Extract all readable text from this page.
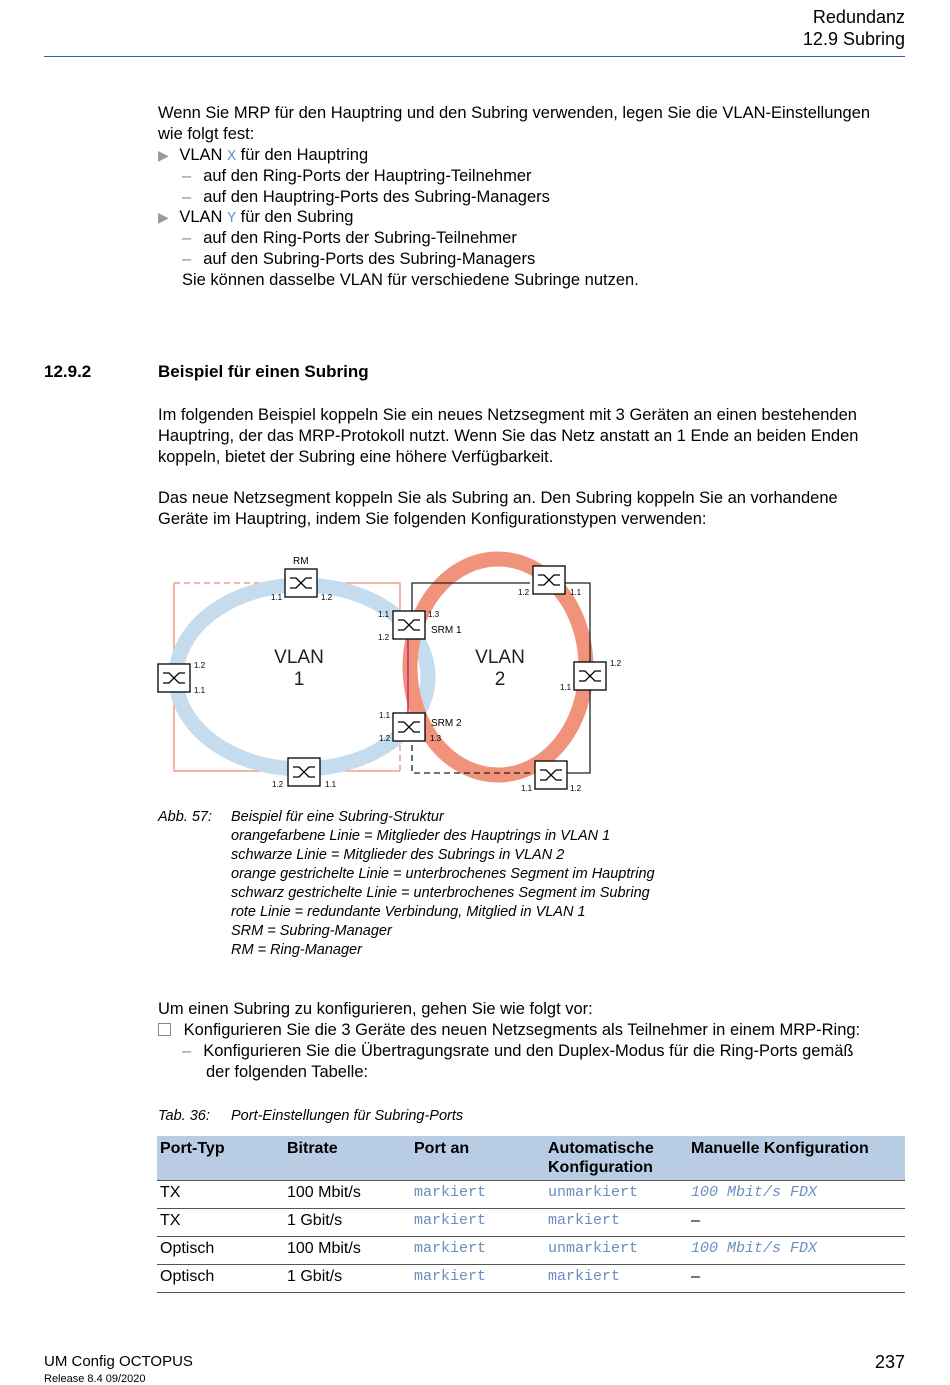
Redundanz
12.9 Subring
Wenn Sie MRP für den Hauptring und den Subring verwenden, legen Sie die VLAN-Einstellungen
wie folgt fest:
▶ VLAN X für den Hauptring
– auf den Ring-Ports der Hauptring-Teilnehmer
– auf den Hauptring-Ports des Subring-Managers
▶ VLAN Y für den Subring
– auf den Ring-Ports der Subring-Teilnehmer
– auf den Subring-Ports des Subring-Managers
Sie können dasselbe VLAN für verschiedene Subringe nutzen.
12.9.2	Beispiel für einen Subring
Im folgenden Beispiel koppeln Sie ein neues Netzsegment mit 3 Geräten an einen bestehenden
Hauptring, der das MRP-Protokoll nutzt. Wenn Sie das Netz anstatt an 1 Ende an beiden Enden
koppeln, bietet der Subring eine höhere Verfügbarkeit.
Das neue Netzsegment koppeln Sie als Subring an. Den Subring koppeln Sie an vorhandene
Geräte im Hauptring, indem Sie folgenden Konfigurationstypen verwenden:
RM
SRM 1
SRM 2
1.1	1.2
1.2
1.1
1.2	1.1
1.1
1.2
1.3
1.1
1.2	1.3
1.2	1.1
1.2
1.1
1.1	1.2
VLAN
1
VLAN
2
Abb. 57: Beispiel für eine Subring-Struktur
orangefarbene Linie = Mitglieder des Hauptrings in VLAN 1
schwarze Linie = Mitglieder des Subrings in VLAN 2
orange gestrichelte Linie = unterbrochenes Segment im Hauptring
schwarz gestrichelte Linie = unterbrochenes Segment im Subring
rote Linie = redundante Verbindung, Mitglied in VLAN 1
SRM = Subring-Manager
RM = Ring-Manager
Um einen Subring zu konfigurieren, gehen Sie wie folgt vor:
Konfigurieren Sie die 3 Geräte des neuen Netzsegments als Teilnehmer in einem MRP-Ring:
– Konfigurieren Sie die Übertragungsrate und den Duplex-Modus für die Ring-Ports gemäß
der folgenden Tabelle:
Tab. 36: Port-Einstellungen für Subring-Ports
Port-Typ	Bitrate	Port an	Automatische Konfiguration	Manuelle Konfiguration
TX	100 Mbit/s	markiert	unmarkiert	100 Mbit/s FDX
TX	1 Gbit/s	markiert	markiert	–
Optisch	100 Mbit/s	markiert	unmarkiert	100 Mbit/s FDX
Optisch	1 Gbit/s	markiert	markiert	–
UM Config OCTOPUS
Release 8.4 09/2020
237
